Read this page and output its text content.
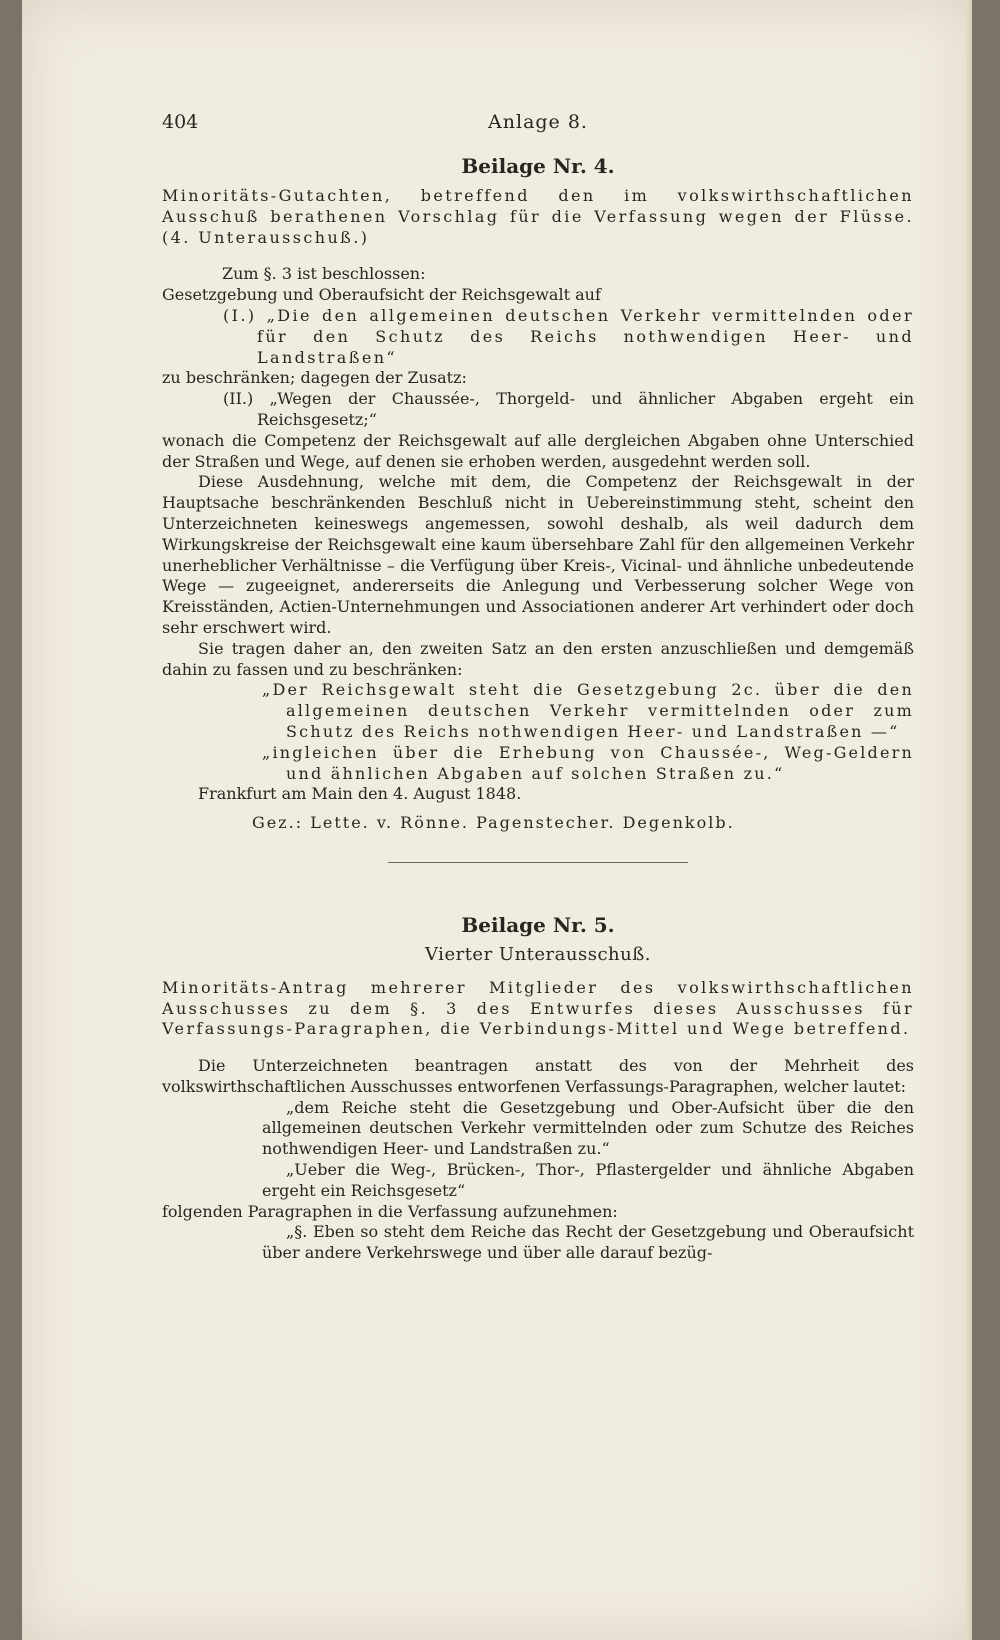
404	Anlage 8.
Beilage Nr. 4.

Minoritäts-Gutachten, betreffend den im volkswirthschaftlichen Ausschuß berathenen Vorschlag für die Verfassung wegen der Flüsse. (4. Unterausschuß.)

Zum §. 3 ist beschlossen:

Gesetzgebung und Oberaufsicht der Reichsgewalt auf

(I.) „Die den allgemeinen deutschen Verkehr vermittelnden oder für den Schutz des Reichs nothwendigen Heer- und Landstraßen“

zu beschränken; dagegen der Zusatz:

(II.) „Wegen der Chaussée-, Thorgeld- und ähnlicher Abgaben ergeht ein Reichsgesetz;“

wonach die Competenz der Reichsgewalt auf alle dergleichen Abgaben ohne Unterschied der Straßen und Wege, auf denen sie erhoben werden, ausgedehnt werden soll.

Diese Ausdehnung, welche mit dem, die Competenz der Reichsgewalt in der Hauptsache beschränkenden Beschluß nicht in Uebereinstimmung steht, scheint den Unterzeichneten keineswegs angemessen, sowohl deshalb, als weil dadurch dem Wirkungskreise der Reichsgewalt eine kaum übersehbare Zahl für den allgemeinen Verkehr unerheblicher Verhältnisse – die Verfügung über Kreis-, Vicinal- und ähnliche unbedeutende Wege — zugeeignet, andererseits die Anlegung und Verbesserung solcher Wege von Kreisständen, Actien-Unternehmungen und Associationen anderer Art verhindert oder doch sehr erschwert wird.

Sie tragen daher an, den zweiten Satz an den ersten anzuschließen und demgemäß dahin zu fassen und zu beschränken:

„Der Reichsgewalt steht die Gesetzgebung 2c. über die den allgemeinen deutschen Verkehr vermittelnden oder zum Schutz des Reichs nothwendigen Heer- und Landstraßen —“

„ingleichen über die Erhebung von Chaussée-, Weg-Geldern und ähnlichen Abgaben auf solchen Straßen zu.“

Frankfurt am Main den 4. August 1848.

Gez.: Lette. v. Rönne. Pagenstecher. Degenkolb.

Beilage Nr. 5.
Vierter Unterausschuß.

Minoritäts-Antrag mehrerer Mitglieder des volkswirthschaftlichen Ausschusses zu dem §. 3 des Entwurfes dieses Ausschusses für Verfassungs-Paragraphen, die Verbindungs-Mittel und Wege betreffend.

Die Unterzeichneten beantragen anstatt des von der Mehrheit des volkswirthschaftlichen Ausschusses entworfenen Verfassungs-Paragraphen, welcher lautet:

„dem Reiche steht die Gesetzgebung und Ober-Aufsicht über die den allgemeinen deutschen Verkehr vermittelnden oder zum Schutze des Reiches nothwendigen Heer- und Landstraßen zu.“

„Ueber die Weg-, Brücken-, Thor-, Pflastergelder und ähnliche Abgaben ergeht ein Reichsgesetz“

folgenden Paragraphen in die Verfassung aufzunehmen:

„§. Eben so steht dem Reiche das Recht der Gesetzgebung und Oberaufsicht über andere Verkehrswege und über alle darauf bezüg-
